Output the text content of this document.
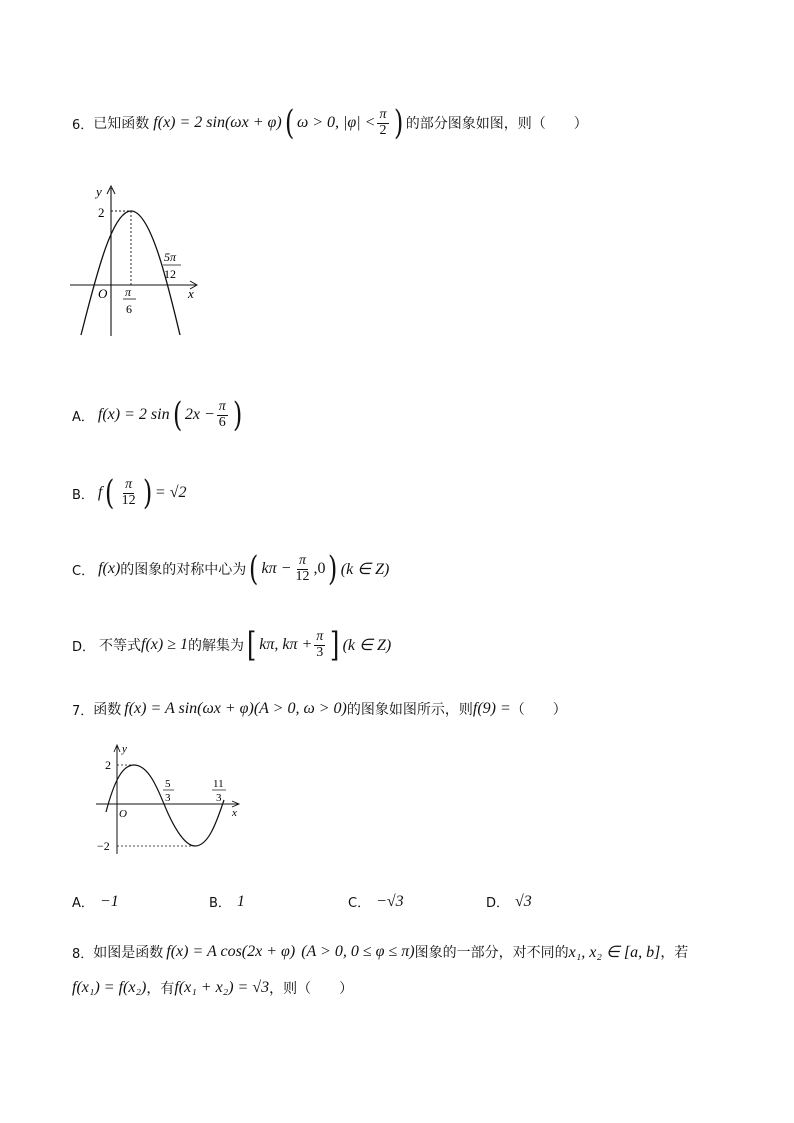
6． 已知函数 f (x) = 2 sin(ωx + φ) ( ω > 0, $|\varphi| < \frac{\pi}{2}$ ) 的部分图象如图，则（　　）
y
x
O
2
π
6
5π
12
A． f(x) = 2 sin ( $2x - \frac{\pi}{6}$ )
B． f ( $\frac{\pi}{12}$ ) = √2
C． f(x) 的图象的对称中心为 ( $k\pi - \frac{\pi}{12} ,0$ ) (k ∈ Z)
D． 不等式 f(x) ≥ 1 的解集为 [ kπ, $k\pi + \frac{\pi}{3}$ ] (k ∈ Z)
7． 函数 f(x) = A sin(ωx + φ)(A > 0, ω > 0) 的图象如图所示，则 f(9) = （　　）
y
x
O
2
−2
5
3
11
3
A． −1	B． 1	C． −√3	D． √3
8． 如图是函数 f(x) = A cos(2x + φ) (A > 0, 0 ≤ φ ≤ π) 图象的一部分，对不同的 x₁, x₂ ∈ [a, b] ，若
f(x₁) = f(x₂) ，有 f(x₁ + x₂) = √3 ，则（　　）
